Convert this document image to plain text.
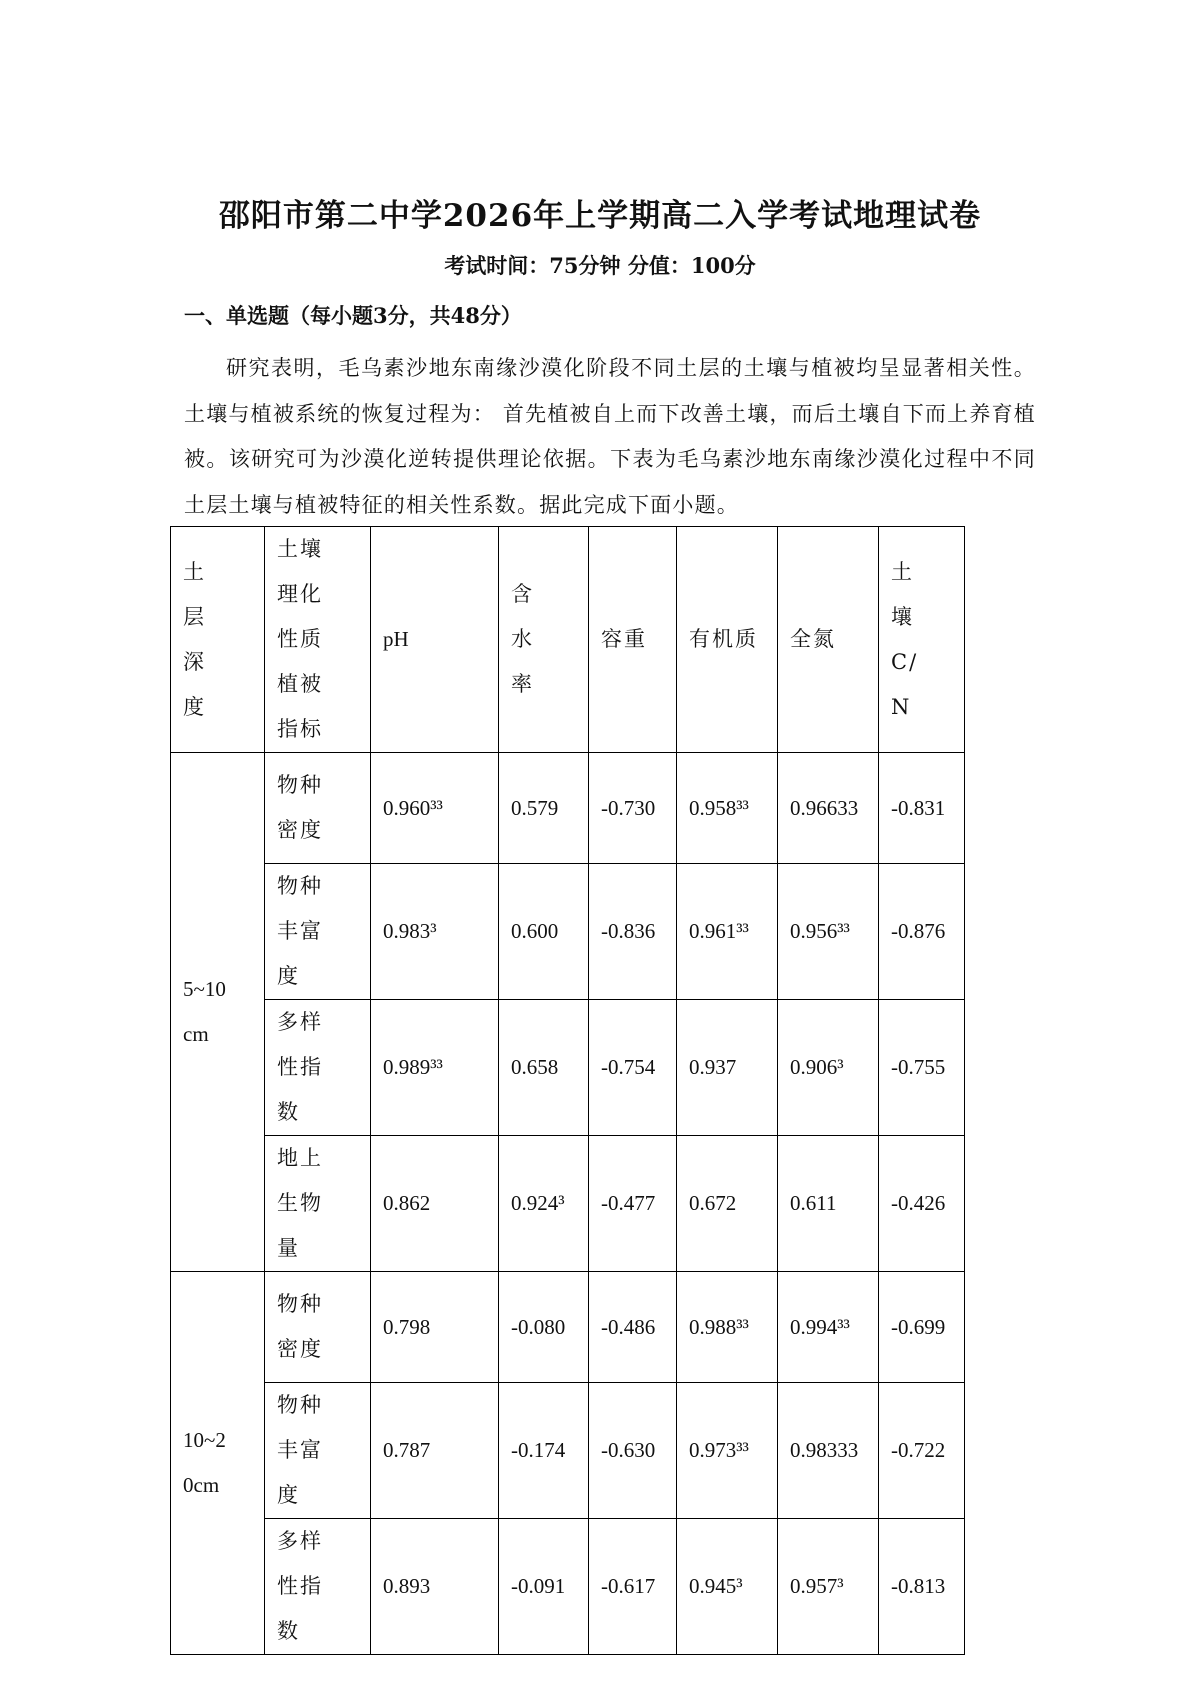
邵阳市第二中学2026年上学期高二入学考试地理试卷
考试时间：75分钟 分值：100分
一、单选题（每小题3分，共48分）

研究表明，毛乌素沙地东南缘沙漠化阶段不同土层的土壤与植被均呈显著相关性。土壤与植被系统的恢复过程为： 首先植被自上而下改善土壤，而后土壤自下而上养育植被。该研究可为沙漠化逆转提供理论依据。下表为毛乌素沙地东南缘沙漠化过程中不同土层土壤与植被特征的相关性系数。据此完成下面小题。

土层深度	土壤理化性质植被指标	pH	含水率	容重	有机质	全氮	土壤C/N

5~10cm	物种密度	0.960³³	0.579	-0.730	0.958³³	0.96633	-0.831

	物种丰富度	0.983³	0.600	-0.836	0.961³³	0.956³³	-0.876

	多样性指数	0.989³³	0.658	-0.754	0.937	0.906³	-0.755

	地上生物量	0.862	0.924³	-0.477	0.672	0.611	-0.426

10~20cm	物种密度	0.798	-0.080	-0.486	0.988³³	0.994³³	-0.699

	物种丰富度	0.787	-0.174	-0.630	0.973³³	0.98333	-0.722

	多样性指数	0.893	-0.091	-0.617	0.945³	0.957³	-0.813
